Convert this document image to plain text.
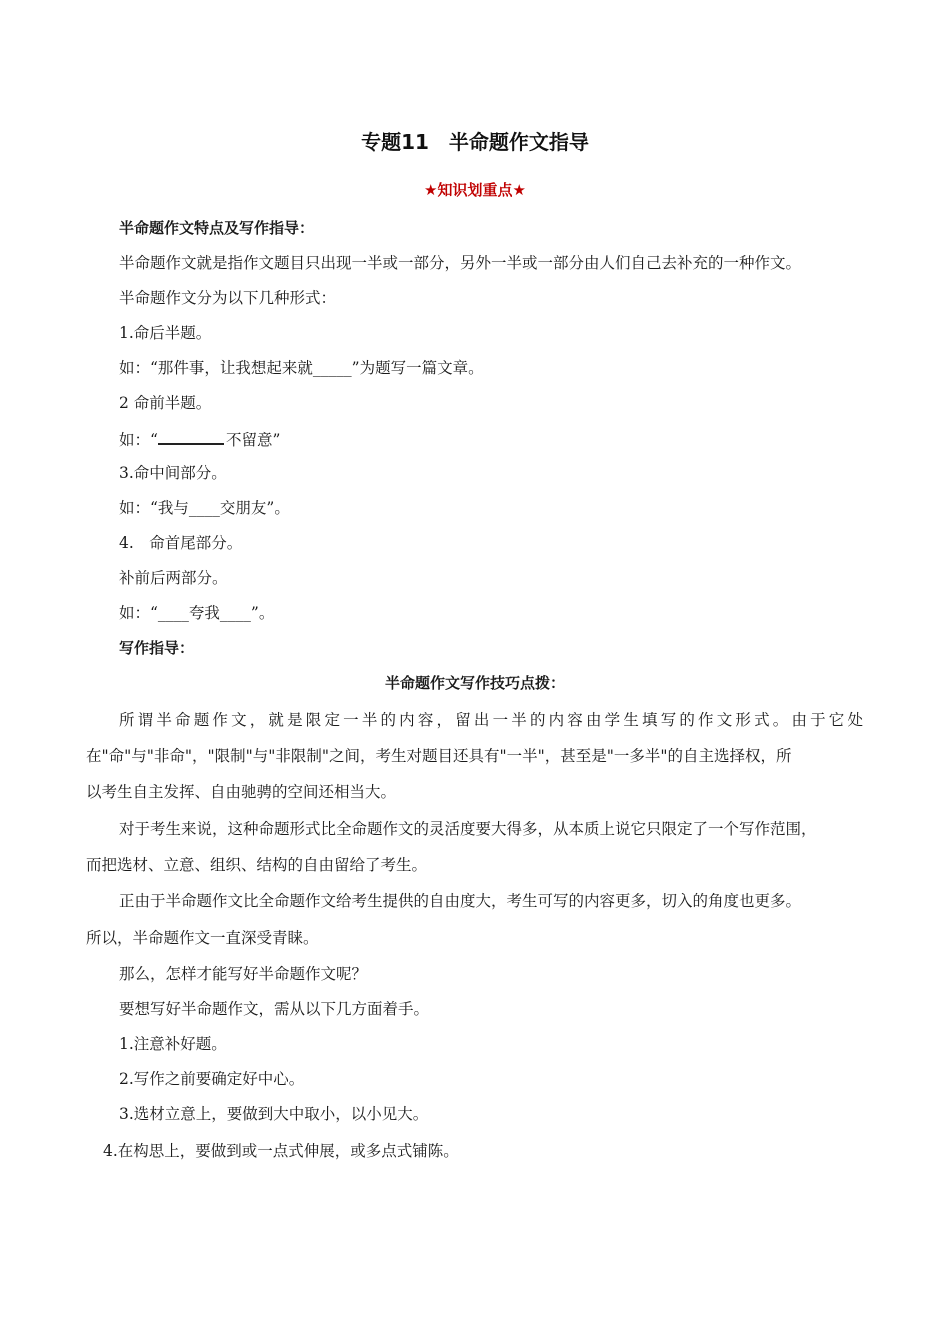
专题11　半命题作文指导
★知识划重点★
半命题作文特点及写作指导：
半命题作文就是指作文题目只出现一半或一部分，另外一半或一部分由人们自己去补充的一种作文。
半命题作文分为以下几种形式：
1.命后半题。
如：“那件事，让我想起来就_____”为题写一篇文章。
2 命前半题。
如：“	不留意”
3.命中间部分。
如：“我与____交朋友”。
4.　命首尾部分。
补前后两部分。
如：“____夸我____”。
写作指导：
半命题作文写作技巧点拨：
所谓半命题作文，就是限定一半的内容，留出一半的内容由学生填写的作文形式。由于它处
在"命"与"非命"，"限制"与"非限制"之间，考生对题目还具有"一半"，甚至是"一多半"的自主选择权，所
以考生自主发挥、自由驰骋的空间还相当大。
对于考生来说，这种命题形式比全命题作文的灵活度要大得多，从本质上说它只限定了一个写作范围，
而把选材、立意、组织、结构的自由留给了考生。
正由于半命题作文比全命题作文给考生提供的自由度大，考生可写的内容更多，切入的角度也更多。
所以，半命题作文一直深受青睐。
那么，怎样才能写好半命题作文呢？
要想写好半命题作文，需从以下几方面着手。
1.注意补好题。
2.写作之前要确定好中心。
3.选材立意上，要做到大中取小，以小见大。
4.在构思上，要做到或一点式伸展，或多点式铺陈。
